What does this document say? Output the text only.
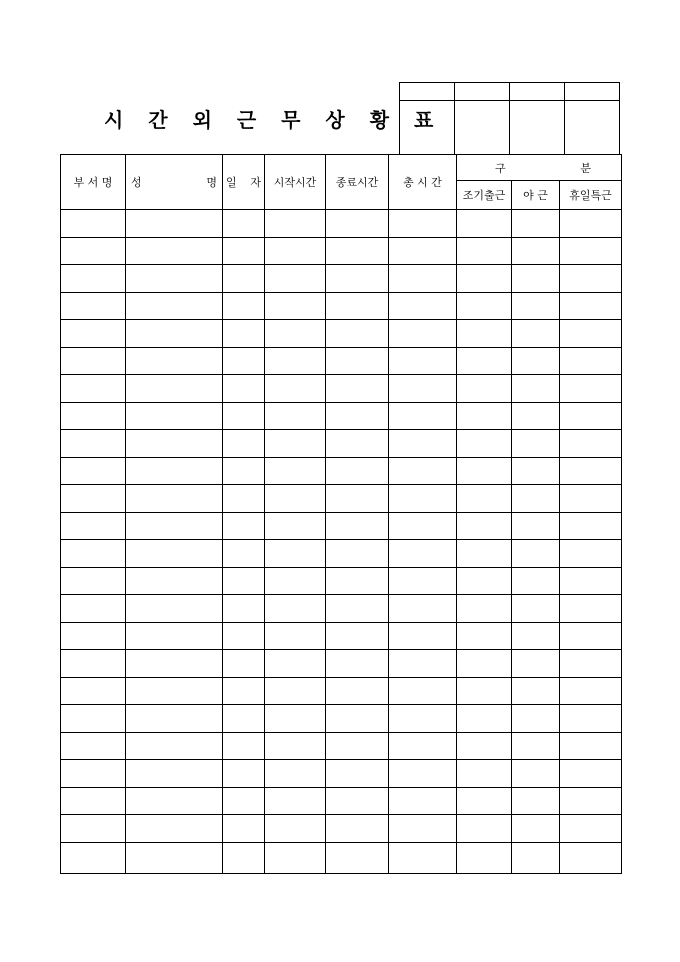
시 간 외 근 무 상 황 표

부 서 명	성 명	일 자	시작시간	종료시간	총 시 간	구 분		

						조기출근	야 근	휴일특근
